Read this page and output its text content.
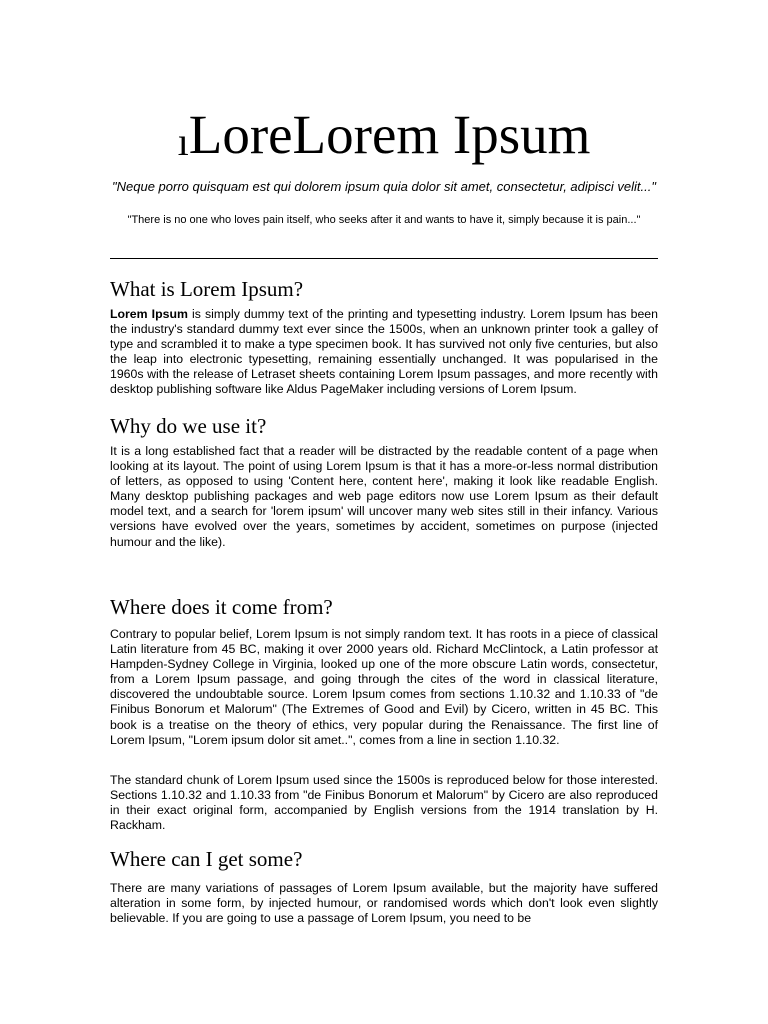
ıLoreLorem Ipsum
"Neque porro quisquam est qui dolorem ipsum quia dolor sit amet, consectetur, adipisci velit..."
"There is no one who loves pain itself, who seeks after it and wants to have it, simply because it is pain..."
What is Lorem Ipsum?

Lorem Ipsum is simply dummy text of the printing and typesetting industry. Lorem Ipsum has been the industry's standard dummy text ever since the 1500s, when an unknown printer took a galley of type and scrambled it to make a type specimen book. It has survived not only five centuries, but also the leap into electronic typesetting, remaining essentially unchanged. It was popularised in the 1960s with the release of Letraset sheets containing Lorem Ipsum passages, and more recently with desktop publishing software like Aldus PageMaker including versions of Lorem Ipsum.

Why do we use it?

It is a long established fact that a reader will be distracted by the readable content of a page when looking at its layout. The point of using Lorem Ipsum is that it has a more-or-less normal distribution of letters, as opposed to using 'Content here, content here', making it look like readable English. Many desktop publishing packages and web page editors now use Lorem Ipsum as their default model text, and a search for 'lorem ipsum' will uncover many web sites still in their infancy. Various versions have evolved over the years, sometimes by accident, sometimes on purpose (injected humour and the like).

Where does it come from?

Contrary to popular belief, Lorem Ipsum is not simply random text. It has roots in a piece of classical Latin literature from 45 BC, making it over 2000 years old. Richard McClintock, a Latin professor at Hampden-Sydney College in Virginia, looked up one of the more obscure Latin words, consectetur, from a Lorem Ipsum passage, and going through the cites of the word in classical literature, discovered the undoubtable source. Lorem Ipsum comes from sections 1.10.32 and 1.10.33 of "de Finibus Bonorum et Malorum" (The Extremes of Good and Evil) by Cicero, written in 45 BC. This book is a treatise on the theory of ethics, very popular during the Renaissance. The first line of Lorem Ipsum, "Lorem ipsum dolor sit amet..", comes from a line in section 1.10.32.

The standard chunk of Lorem Ipsum used since the 1500s is reproduced below for those interested. Sections 1.10.32 and 1.10.33 from "de Finibus Bonorum et Malorum" by Cicero are also reproduced in their exact original form, accompanied by English versions from the 1914 translation by H. Rackham.

Where can I get some?

There are many variations of passages of Lorem Ipsum available, but the majority have suffered alteration in some form, by injected humour, or randomised words which don't look even slightly believable. If you are going to use a passage of Lorem Ipsum, you need to be
